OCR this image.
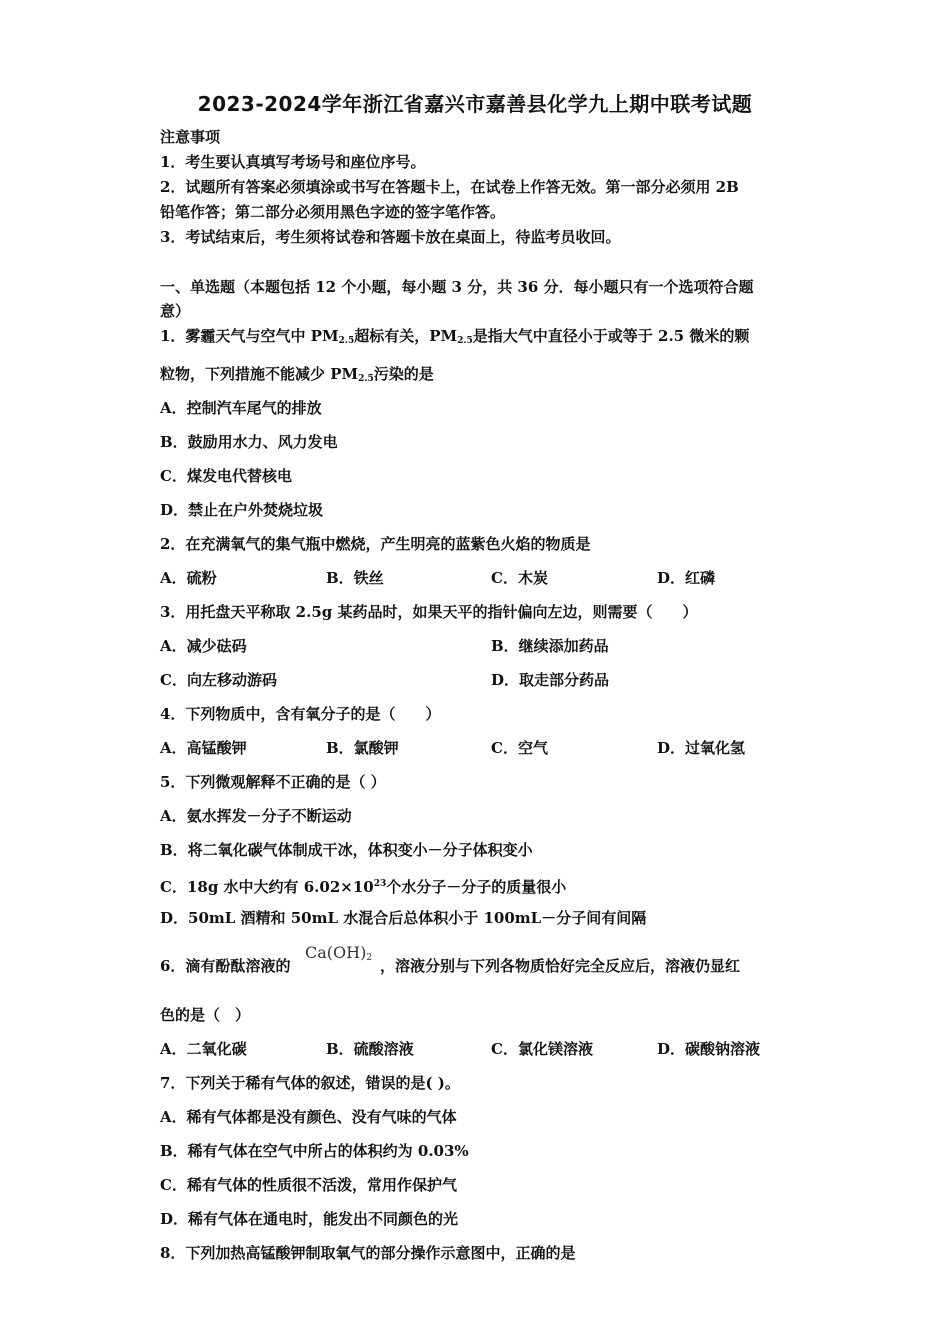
2023-2024学年浙江省嘉兴市嘉善县化学九上期中联考试题
注意事项
1．考生要认真填写考场号和座位序号。
2．试题所有答案必须填涂或书写在答题卡上，在试卷上作答无效。第一部分必须用 2B
铅笔作答；第二部分必须用黑色字迹的签字笔作答。
3．考试结束后，考生须将试卷和答题卡放在桌面上，待监考员收回。
一、单选题（本题包括 12 个小题，每小题 3 分，共 36 分．每小题只有一个选项符合题
意）
1．雾霾天气与空气中 $PM_{2.5}$超标有关，$PM_{2.5}$是指大气中直径小于或等于 2.5 微米的颗
粒物，下列措施不能减少 $PM_{2.5}$污染的是
A．控制汽车尾气的排放
B．鼓励用水力、风力发电
C．煤发电代替核电
D．禁止在户外焚烧垃圾
2．在充满氧气的集气瓶中燃烧，产生明亮的蓝紫色火焰的物质是
A．硫粉	B．铁丝	C．木炭	D．红磷
3．用托盘天平称取 2.5g 某药品时，如果天平的指针偏向左边，则需要（　　）
A．减少砝码	B．继续添加药品
C．向左移动游码	D．取走部分药品
4．下列物质中，含有氧分子的是（　　）
A．高锰酸钾	B．氯酸钾	C．空气	D．过氧化氢
5．下列微观解释不正确的是（ ）
A．氨水挥发－分子不断运动
B．将二氧化碳气体制成干冰，体积变小－分子体积变小
C．18g 水中大约有 $6.02\times 10^{23}$个水分子－分子的质量很小
D．50mL 酒精和 50mL 水混合后总体积小于 100mL－分子间有间隔
6．滴有酚酞溶液的
$Ca(OH)_2$ ，溶液分别与下列各物质恰好完全反应后，溶液仍显红
色的是（　）
A．二氧化碳	B．硫酸溶液	C．氯化镁溶液	D．碳酸钠溶液
7．下列关于稀有气体的叙述，错误的是( )。
A．稀有气体都是没有颜色、没有气味的气体
B．稀有气体在空气中所占的体积约为 0.03%
C．稀有气体的性质很不活泼，常用作保护气
D．稀有气体在通电时，能发出不同颜色的光
8．下列加热高锰酸钾制取氧气的部分操作示意图中，正确的是
